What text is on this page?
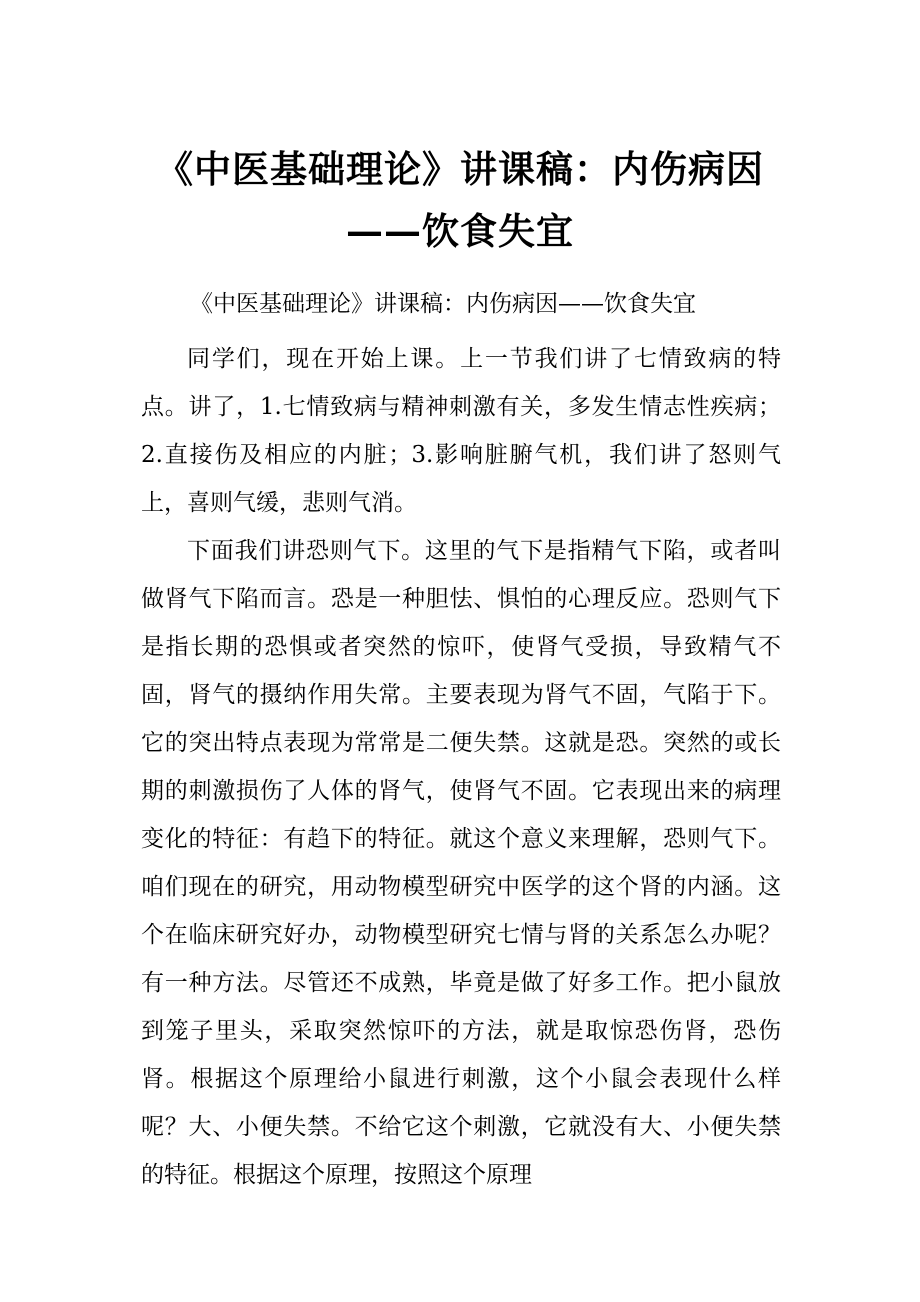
《中医基础理论》讲课稿：内伤病因——饮食失宜
《中医基础理论》讲课稿：内伤病因——饮食失宜

同学们，现在开始上课。上一节我们讲了七情致病的特点。讲了，1.七情致病与精神刺激有关，多发生情志性疾病；2.直接伤及相应的内脏；3.影响脏腑气机，我们讲了怒则气上，喜则气缓，悲则气消。

下面我们讲恐则气下。这里的气下是指精气下陷，或者叫做肾气下陷而言。恐是一种胆怯、惧怕的心理反应。恐则气下是指长期的恐惧或者突然的惊吓，使肾气受损，导致精气不固，肾气的摄纳作用失常。主要表现为肾气不固，气陷于下。它的突出特点表现为常常是二便失禁。这就是恐。突然的或长期的刺激损伤了人体的肾气，使肾气不固。它表现出来的病理变化的特征：有趋下的特征。就这个意义来理解，恐则气下。咱们现在的研究，用动物模型研究中医学的这个肾的内涵。这个在临床研究好办，动物模型研究七情与肾的关系怎么办呢？有一种方法。尽管还不成熟，毕竟是做了好多工作。把小鼠放到笼子里头，采取突然惊吓的方法，就是取惊恐伤肾，恐伤肾。根据这个原理给小鼠进行刺激，这个小鼠会表现什么样呢？大、小便失禁。不给它这个刺激，它就没有大、小便失禁的特征。根据这个原理，按照这个原理
